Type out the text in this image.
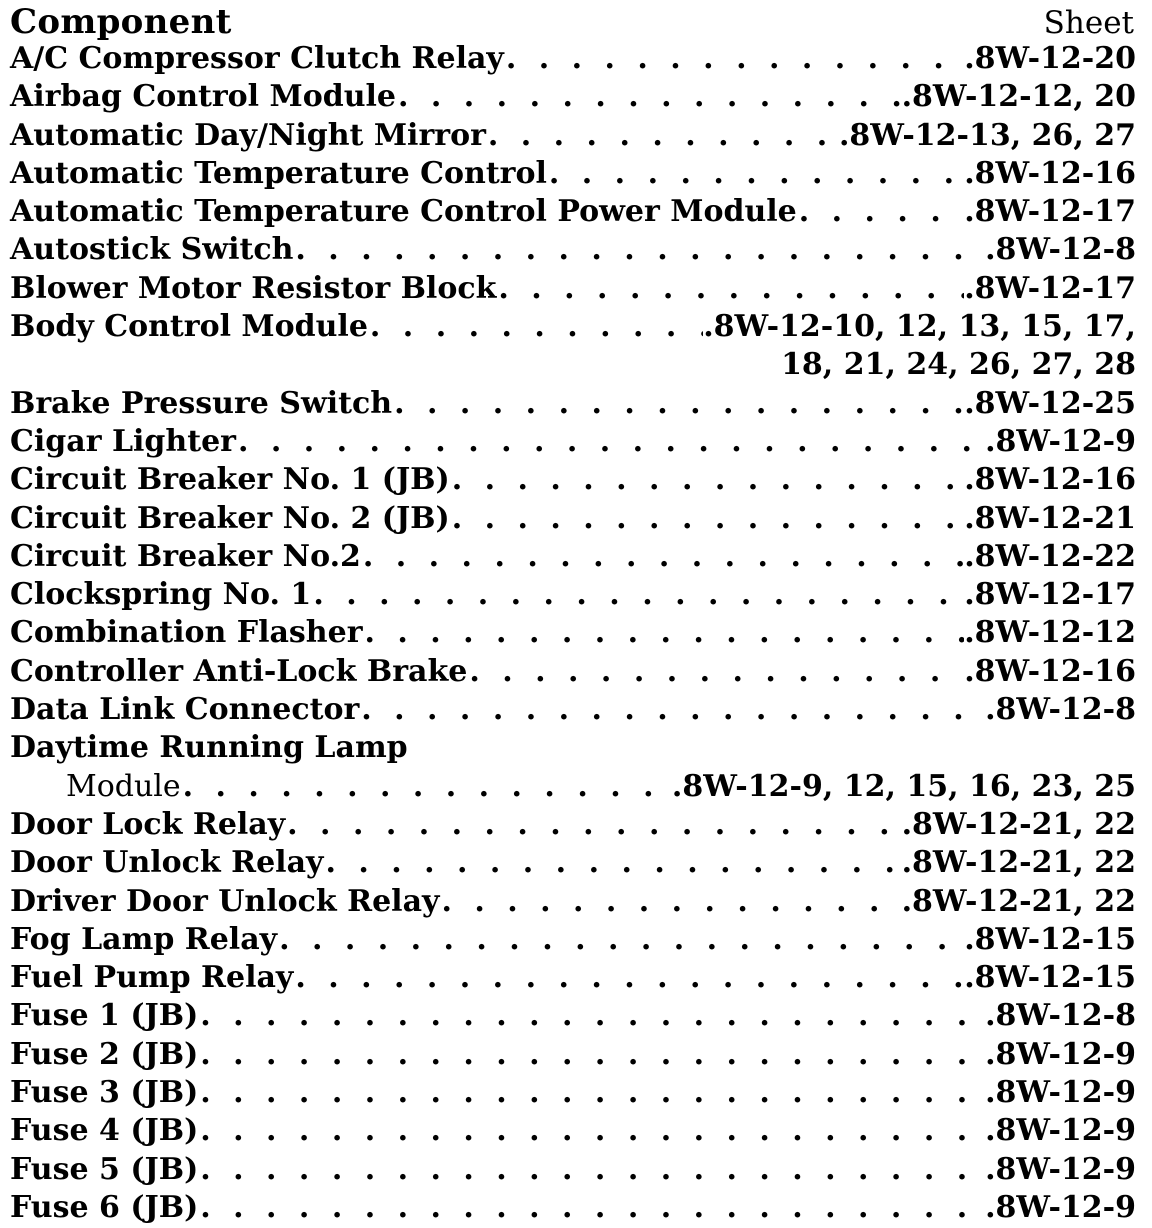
Component	Sheet
A/C Compressor Clutch Relay . . .	.8W-12-20
Airbag Control Module . . .	.8W-12-12, 20
Automatic Day/Night Mirror . . .	.8W-12-13, 26, 27
Automatic Temperature Control . . .	.8W-12-16
Automatic Temperature Control Power Module . . .	.8W-12-17
Autostick Switch . . .	.8W-12-8
Blower Motor Resistor Block . . .	.8W-12-17
Body Control Module . . .	.8W-12-10, 12, 13, 15, 17,
18, 21, 24, 26, 27, 28
Brake Pressure Switch . . .	.8W-12-25
Cigar Lighter . . .	.8W-12-9
Circuit Breaker No. 1 (JB) . . .	.8W-12-16
Circuit Breaker No. 2 (JB) . . .	.8W-12-21
Circuit Breaker No.2 . . .	.8W-12-22
Clockspring No. 1 . . .	.8W-12-17
Combination Flasher . . .	.8W-12-12
Controller Anti-Lock Brake . . .	.8W-12-16
Data Link Connector . . .	.8W-12-8
Daytime Running Lamp
Module . . .	.8W-12-9, 12, 15, 16, 23, 25
Door Lock Relay . . .	.8W-12-21, 22
Door Unlock Relay . . .	.8W-12-21, 22
Driver Door Unlock Relay . . .	.8W-12-21, 22
Fog Lamp Relay . . .	.8W-12-15
Fuel Pump Relay . . .	.8W-12-15
Fuse 1 (JB) . . .	.8W-12-8
Fuse 2 (JB) . . .	.8W-12-9
Fuse 3 (JB) . . .	.8W-12-9
Fuse 4 (JB) . . .	.8W-12-9
Fuse 5 (JB) . . .	.8W-12-9
Fuse 6 (JB) . . .	.8W-12-9
